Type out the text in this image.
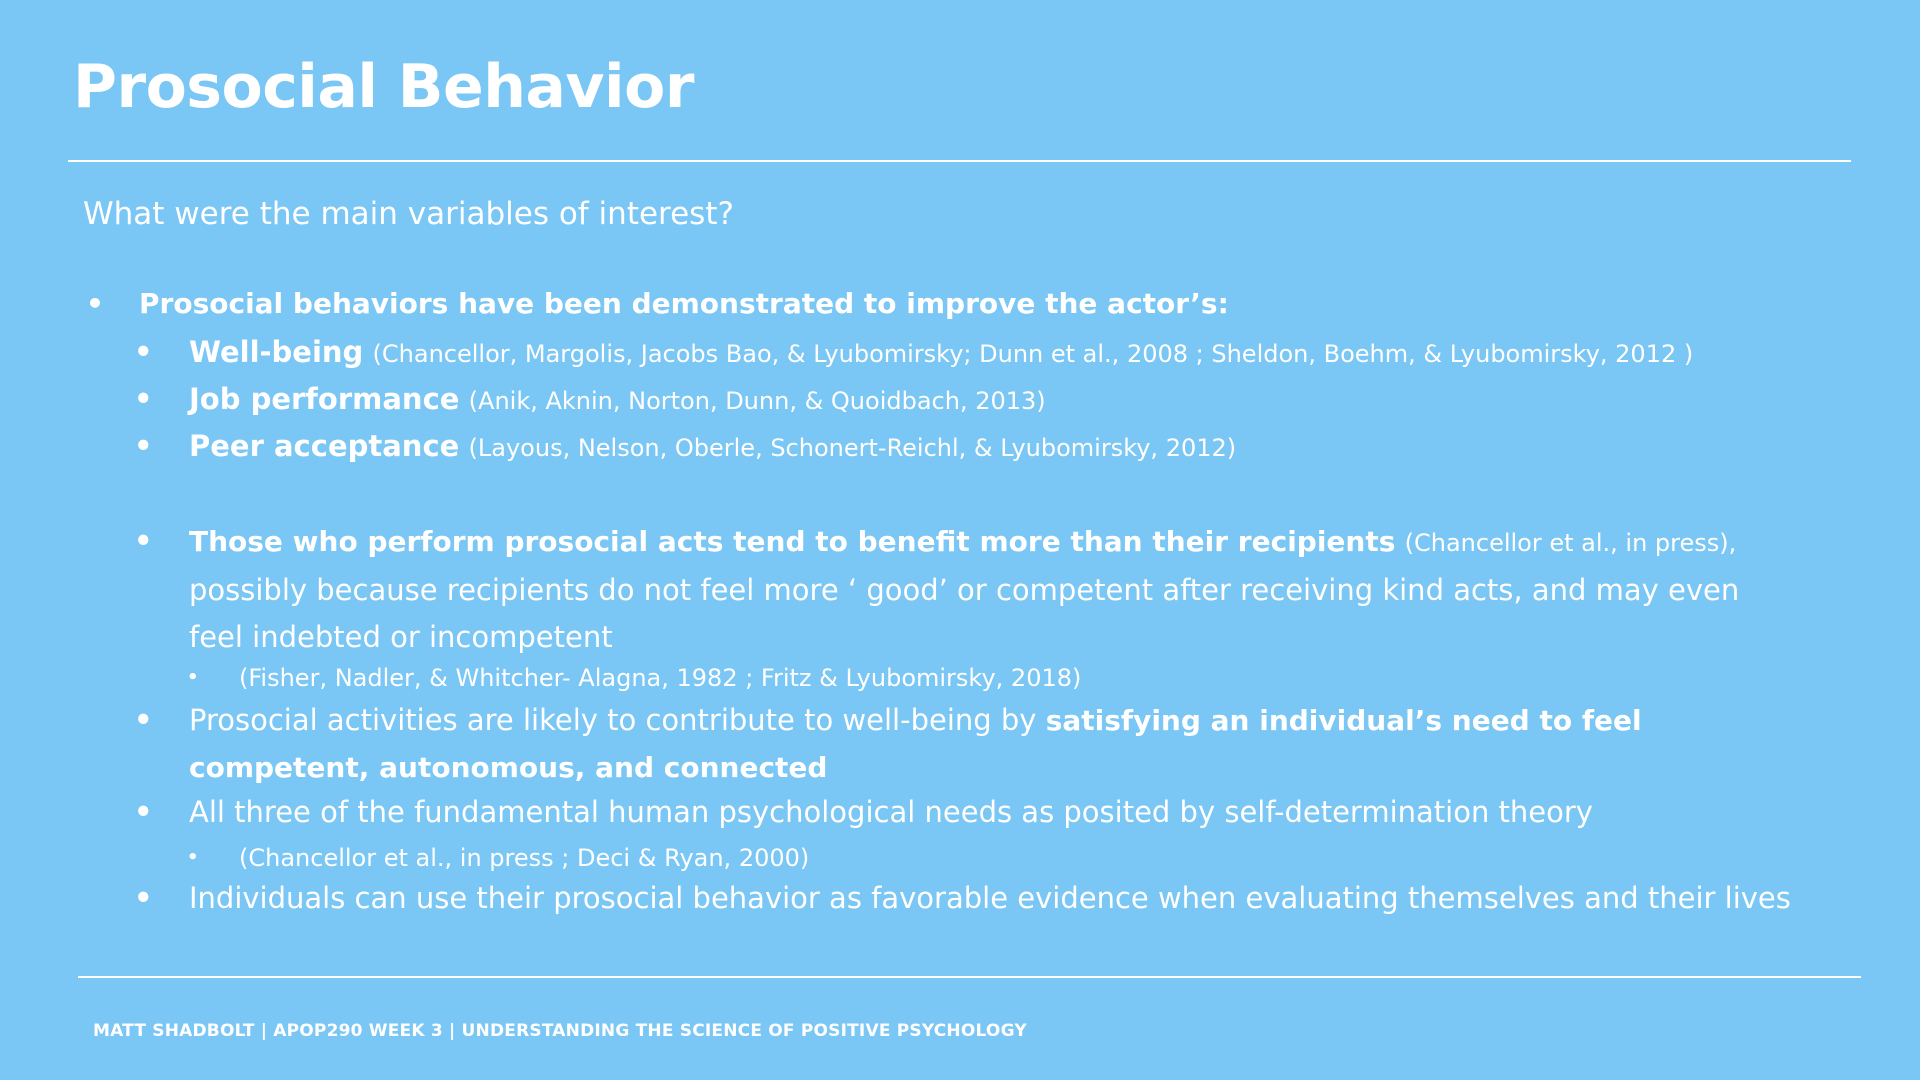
Prosocial Behavior
What were the main variables of interest?
• Prosocial behaviors have been demonstrated to improve the actor’s:
• Well-being (Chancellor, Margolis, Jacobs Bao, & Lyubomirsky; Dunn et al., 2008 ; Sheldon, Boehm, & Lyubomirsky, 2012 )
• Job performance (Anik, Aknin, Norton, Dunn, & Quoidbach, 2013)
• Peer acceptance (Layous, Nelson, Oberle, Schonert-Reichl, & Lyubomirsky, 2012)
• Those who perform prosocial acts tend to benefit more than their recipients (Chancellor et al., in press), possibly because recipients do not feel more ‘ good’ or competent after receiving kind acts, and may even feel indebted or incompetent
• (Fisher, Nadler, & Whitcher- Alagna, 1982 ; Fritz & Lyubomirsky, 2018)
• Prosocial activities are likely to contribute to well-being by satisfying an individual’s need to feel competent, autonomous, and connected
• All three of the fundamental human psychological needs as posited by self-determination theory
• (Chancellor et al., in press ; Deci & Ryan, 2000)
• Individuals can use their prosocial behavior as favorable evidence when evaluating themselves and their lives
MATT SHADBOLT | APOP290 WEEK 3 | UNDERSTANDING THE SCIENCE OF POSITIVE PSYCHOLOGY
